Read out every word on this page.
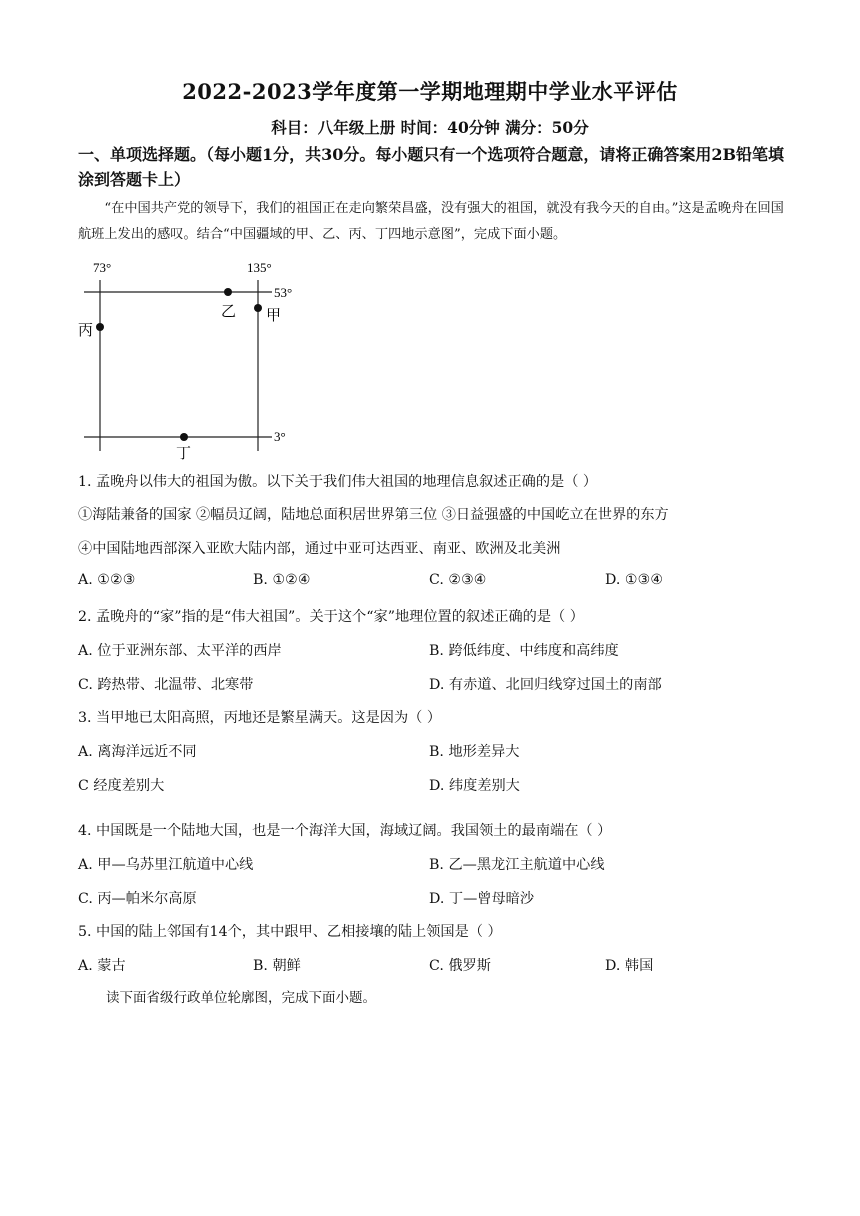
2022-2023学年度第一学期地理期中学业水平评估
科目：八年级上册 时间：40分钟 满分：50分
一、单项选择题。（每小题1分，共30分。每小题只有一个选项符合题意，请将正确答案用2B铅笔填涂到答题卡上）
“在中国共产党的领导下，我们的祖国正在走向繁荣昌盛，没有强大的祖国，就没有我今天的自由。”这是孟晚舟在回国航班上发出的感叹。结合“中国疆域的甲、乙、丙、丁四地示意图”，完成下面小题。
73°	135°
53°
3°
乙 甲
丙
丁
1. 孟晚舟以伟大的祖国为傲。以下关于我们伟大祖国的地理信息叙述正确的是（ ）
①海陆兼备的国家 ②幅员辽阔，陆地总面积居世界第三位 ③日益强盛的中国屹立在世界的东方
④中国陆地西部深入亚欧大陆内部，通过中亚可达西亚、南亚、欧洲及北美洲
A. ①②③	B. ①②④	C. ②③④	D. ①③④
2. 孟晚舟的“家”指的是“伟大祖国”。关于这个“家”地理位置的叙述正确的是（ ）
A. 位于亚洲东部、太平洋的西岸	B. 跨低纬度、中纬度和高纬度
C. 跨热带、北温带、北寒带	D. 有赤道、北回归线穿过国土的南部
3. 当甲地已太阳高照，丙地还是繁星满天。这是因为（ ）
A. 离海洋远近不同	B. 地形差异大
C 经度差别大	D. 纬度差别大
4. 中国既是一个陆地大国，也是一个海洋大国，海域辽阔。我国领土的最南端在（ ）
A. 甲—乌苏里江航道中心线	B. 乙—黑龙江主航道中心线
C. 丙—帕米尔高原	D. 丁—曾母暗沙
5. 中国的陆上邻国有14个，其中跟甲、乙相接壤的陆上领国是（ ）
A. 蒙古	B. 朝鲜	C. 俄罗斯	D. 韩国
读下面省级行政单位轮廓图，完成下面小题。
